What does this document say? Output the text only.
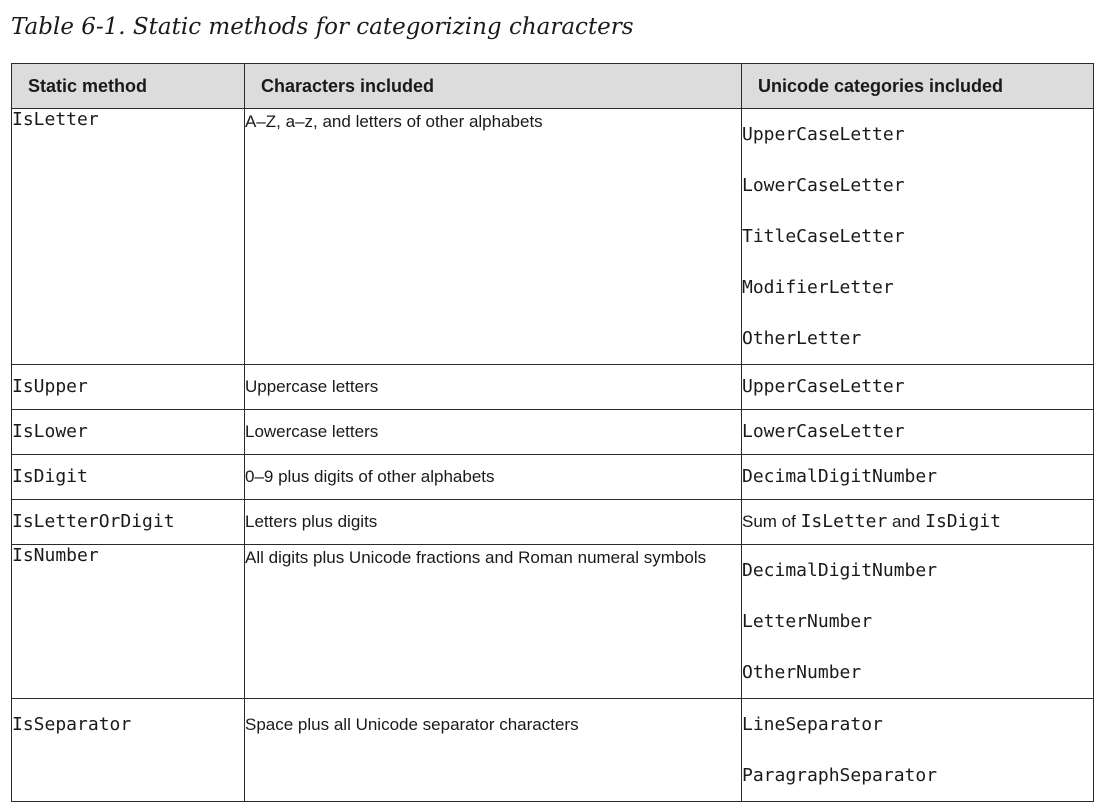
Table 6-1. Static methods for categorizing characters
Static method	Characters included	Unicode categories included
IsLetter	A–Z, a–z, and letters of other alphabets	UpperCaseLetter
LowerCaseLetter
TitleCaseLetter
ModifierLetter
OtherLetter

IsUpper	Uppercase letters	UpperCaseLetter

IsLower	Lowercase letters	LowerCaseLetter

IsDigit	0–9 plus digits of other alphabets	DecimalDigitNumber

IsLetterOrDigit	Letters plus digits	Sum of IsLetter and IsDigit

IsNumber	All digits plus Unicode fractions and Roman numeral symbols	DecimalDigitNumber
LetterNumber
OtherNumber

IsSeparator	Space plus all Unicode separator characters	LineSeparator
ParagraphSeparator
